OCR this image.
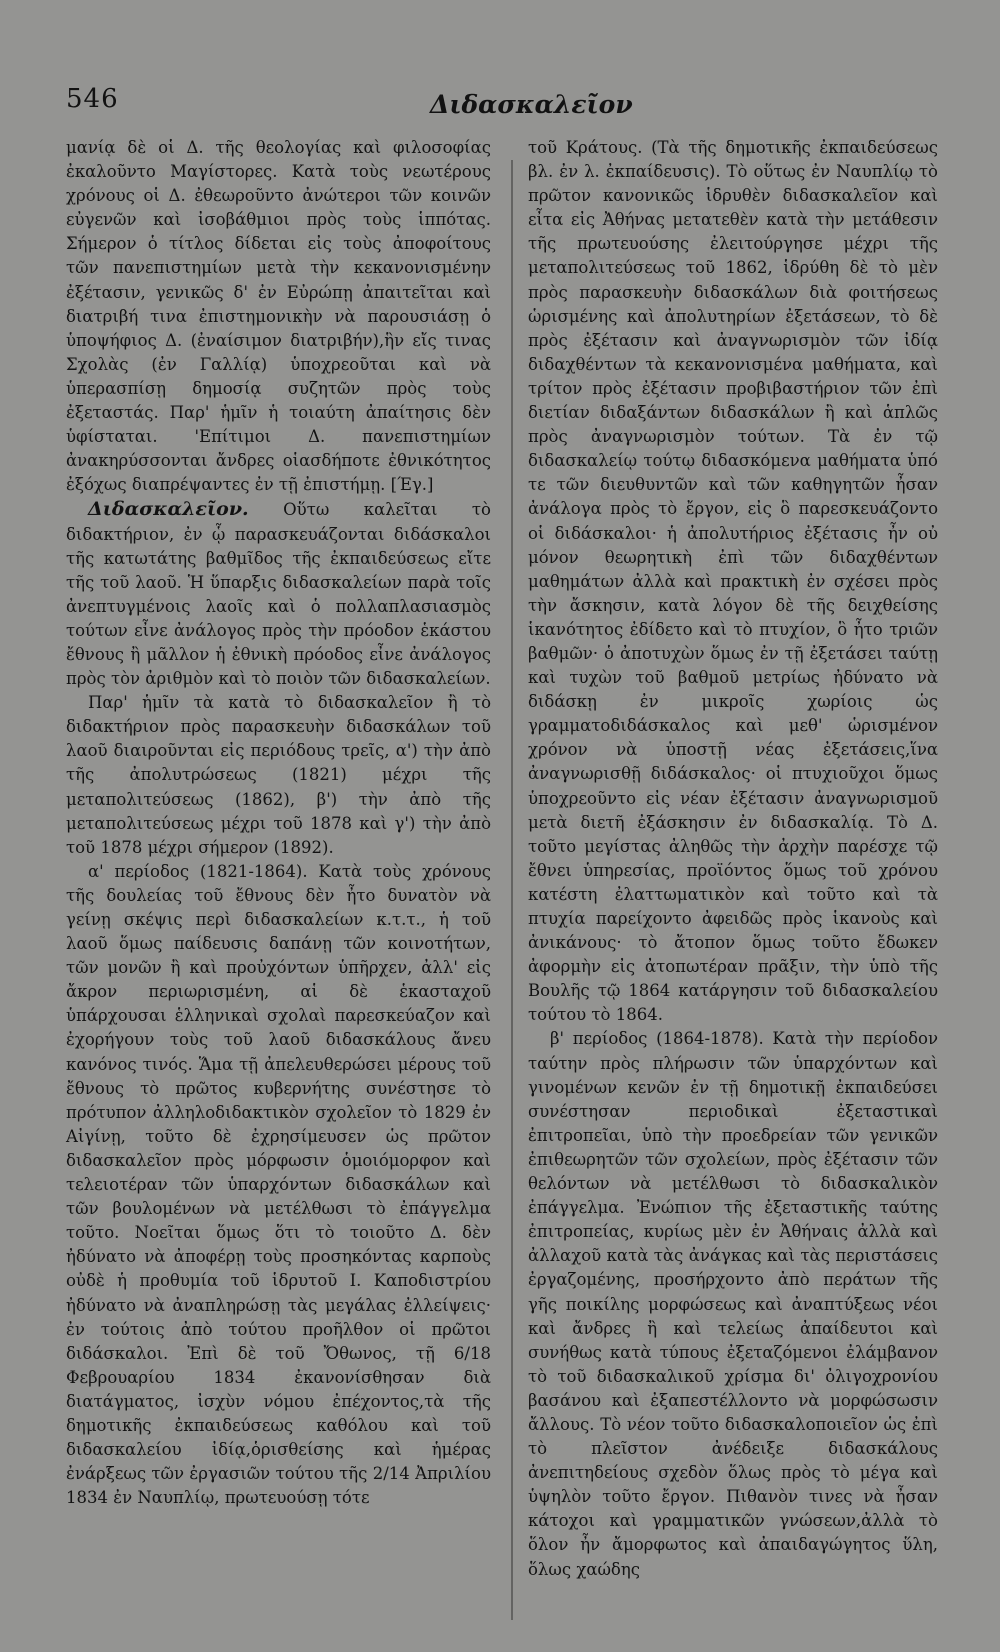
546	Διδασκαλεῖον

μανίᾳ δὲ οἱ Δ. τῆς θεολογίας καὶ φιλοσοφίας ἐκαλοῦντο Μαγίστορες. Κατὰ τοὺς νεωτέρους χρόνους οἱ Δ. ἐθεωροῦντο ἀνώτεροι τῶν κοινῶν εὐγενῶν καὶ ἰσοβάθμιοι πρὸς τοὺς ἱππότας. Σήμερον ὁ τίτλος δίδεται εἰς τοὺς ἀποφοίτους τῶν πανεπιστημίων μετὰ τὴν κεκανονισμένην ἐξέτασιν, γενικῶς δ' ἐν Εὐρώπῃ ἀπαιτεῖται καὶ διατριβή τινα ἐπιστημονικὴν νὰ παρουσιάσῃ ὁ ὑποψήφιος Δ. (ἐναίσιμον διατριβήν),ἣν εἴς τινας Σχολὰς (ἐν Γαλλίᾳ) ὑποχρεοῦται καὶ νὰ ὑπερασπίσῃ δημοσίᾳ συζητῶν πρὸς τοὺς ἐξεταστάς. Παρ' ἡμῖν ἡ τοιαύτη ἀπαίτησις δὲν ὑφίσταται. 'Επίτιμοι Δ. πανεπιστημίων ἀνακηρύσσονται ἄνδρες οἱασδήποτε ἐθνικότητος ἐξόχως διαπρέψαντες ἐν τῇ ἐπιστήμῃ. [Έγ.]

Διδασκαλεῖον. Οὕτω καλεῖται τὸ διδακτήριον, ἐν ᾧ παρασκευάζονται διδάσκαλοι τῆς κατωτάτης βαθμῖδος τῆς ἐκπαιδεύσεως εἴτε τῆς τοῦ λαοῦ. Ἡ ὕπαρξις διδασκαλείων παρὰ τοῖς ἀνεπτυγμένοις λαοῖς καὶ ὁ πολλαπλασιασμὸς τούτων εἶνε ἀνάλογος πρὸς τὴν πρόοδον ἑκάστου ἔθνους ἢ μᾶλλον ἡ ἐθνικὴ πρόοδος εἶνε ἀνάλογος πρὸς τὸν ἀριθμὸν καὶ τὸ ποιὸν τῶν διδασκαλείων.

Παρ' ἡμῖν τὰ κατὰ τὸ διδασκαλεῖον ἢ τὸ διδακτήριον πρὸς παρασκευὴν διδασκάλων τοῦ λαοῦ διαιροῦνται εἰς περιόδους τρεῖς, α') τὴν ἀπὸ τῆς ἀπολυτρώσεως (1821) μέχρι τῆς μεταπολιτεύσεως (1862), β') τὴν ἀπὸ τῆς μεταπολιτεύσεως μέχρι τοῦ 1878 καὶ γ') τὴν ἀπὸ τοῦ 1878 μέχρι σήμερον (1892).

α' περίοδος (1821-1864). Κατὰ τοὺς χρόνους τῆς δουλείας τοῦ ἔθνους δὲν ἦτο δυνατὸν νὰ γείνῃ σκέψις περὶ διδασκαλείων κ.τ.τ., ἡ τοῦ λαοῦ ὅμως παίδευσις δαπάνῃ τῶν κοινοτήτων, τῶν μονῶν ἢ καὶ προὐχόντων ὑπῆρχεν, ἀλλ' εἰς ἄκρον περιωρισμένη, αἱ δὲ ἑκασταχοῦ ὑπάρχουσαι ἑλληνικαὶ σχολαὶ παρεσκεύαζον καὶ ἐχορήγουν τοὺς τοῦ λαοῦ διδασκάλους ἄνευ κανόνος τινός. Ἅμα τῇ ἀπελευθερώσει μέρους τοῦ ἔθνους τὸ πρῶτος κυβερνήτης συνέστησε τὸ πρότυπον ἀλληλοδιδακτικὸν σχολεῖον τὸ 1829 ἐν Αἰγίνῃ, τοῦτο δὲ ἐχρησίμευσεν ὡς πρῶτον διδασκαλεῖον πρὸς μόρφωσιν ὁμοιόμορφον καὶ τελειοτέραν τῶν ὑπαρχόντων διδασκάλων καὶ τῶν βουλομένων νὰ μετέλθωσι τὸ ἐπάγγελμα τοῦτο. Νοεῖται ὅμως ὅτι τὸ τοιοῦτο Δ. δὲν ἠδύνατο νὰ ἀποφέρῃ τοὺς προσηκόντας καρποὺς οὐδὲ ἡ προθυμία τοῦ ἱδρυτοῦ Ι. Καποδιστρίου ἠδύνατο νὰ ἀναπληρώσῃ τὰς μεγάλας ἐλλείψεις· ἐν τούτοις ἀπὸ τούτου προῆλθον οἱ πρῶτοι διδάσκαλοι. Ἐπὶ δὲ τοῦ Ὄθωνος, τῇ 6/18 Φεβρουαρίου 1834 ἐκανονίσθησαν διὰ διατάγματος, ἰσχὺν νόμου ἐπέχοντος,τὰ τῆς δημοτικῆς ἐκπαιδεύσεως καθόλου καὶ τοῦ διδασκαλείου ἰδίᾳ,ὁρισθείσης καὶ ἡμέρας ἐνάρξεως τῶν ἐργασιῶν τούτου τῆς 2/14 Ἀπριλίου 1834 ἐν Ναυπλίῳ, πρωτευούσῃ τότε

τοῦ Κράτους. (Τὰ τῆς δημοτικῆς ἐκπαιδεύσεως βλ. ἐν λ. ἐκπαίδευσις). Τὸ οὕτως ἐν Ναυπλίῳ τὸ πρῶτον κανονικῶς ἱδρυθὲν διδασκαλεῖον καὶ εἶτα εἰς Ἀθήνας μετατεθὲν κατὰ τὴν μετάθεσιν τῆς πρωτευούσης ἐλειτούργησε μέχρι τῆς μεταπολιτεύσεως τοῦ 1862, ἱδρύθη δὲ τὸ μὲν πρὸς παρασκευὴν διδασκάλων διὰ φοιτήσεως ὡρισμένης καὶ ἀπολυτηρίων ἐξετάσεων, τὸ δὲ πρὸς ἐξέτασιν καὶ ἀναγνωρισμὸν τῶν ἰδίᾳ διδαχθέντων τὰ κεκανονισμένα μαθήματα, καὶ τρίτον πρὸς ἐξέτασιν προβιβαστήριον τῶν ἐπὶ διετίαν διδαξάντων διδασκάλων ἢ καὶ ἁπλῶς πρὸς ἀναγνωρισμὸν τούτων. Τὰ ἐν τῷ διδασκαλείῳ τούτῳ διδασκόμενα μαθήματα ὑπό τε τῶν διευθυντῶν καὶ τῶν καθηγητῶν ἦσαν ἀνάλογα πρὸς τὸ ἔργον, εἰς ὃ παρεσκευάζοντο οἱ διδάσκαλοι· ἡ ἀπολυτήριος ἐξέτασις ἦν οὐ μόνον θεωρητικὴ ἐπὶ τῶν διδαχθέντων μαθημάτων ἀλλὰ καὶ πρακτικὴ ἐν σχέσει πρὸς τὴν ἄσκησιν, κατὰ λόγον δὲ τῆς δειχθείσης ἱκανότητος ἐδίδετο καὶ τὸ πτυχίον, ὃ ἦτο τριῶν βαθμῶν· ὁ ἀποτυχὼν ὅμως ἐν τῇ ἐξετάσει ταύτῃ καὶ τυχὼν τοῦ βαθμοῦ μετρίως ἠδύνατο νὰ διδάσκῃ ἐν μικροῖς χωρίοις ὡς γραμματοδιδάσκαλος καὶ μεθ' ὡρισμένον χρόνον νὰ ὑποστῇ νέας ἐξετάσεις,ἵνα ἀναγνωρισθῇ διδάσκαλος· οἱ πτυχιοῦχοι ὅμως ὑποχρεοῦντο εἰς νέαν ἐξέτασιν ἀναγνωρισμοῦ μετὰ διετῆ ἐξάσκησιν ἐν διδασκαλίᾳ. Τὸ Δ. τοῦτο μεγίστας ἀληθῶς τὴν ἀρχὴν παρέσχε τῷ ἔθνει ὑπηρεσίας, προϊόντος ὅμως τοῦ χρόνου κατέστη ἐλαττωματικὸν καὶ τοῦτο καὶ τὰ πτυχία παρείχοντο ἀφειδῶς πρὸς ἱκανοὺς καὶ ἀνικάνους· τὸ ἄτοπον ὅμως τοῦτο ἔδωκεν ἀφορμὴν εἰς ἀτοπωτέραν πρᾶξιν, τὴν ὑπὸ τῆς Βουλῆς τῷ 1864 κατάργησιν τοῦ διδασκαλείου τούτου τὸ 1864.

β' περίοδος (1864-1878). Κατὰ τὴν περίοδον ταύτην πρὸς πλήρωσιν τῶν ὑπαρχόντων καὶ γινομένων κενῶν ἐν τῇ δημοτικῇ ἐκπαιδεύσει συνέστησαν περιοδικαὶ ἐξεταστικαὶ ἐπιτροπεῖαι, ὑπὸ τὴν προεδρείαν τῶν γενικῶν ἐπιθεωρητῶν τῶν σχολείων, πρὸς ἐξέτασιν τῶν θελόντων νὰ μετέλθωσι τὸ διδασκαλικὸν ἐπάγγελμα. Ἐνώπιον τῆς ἐξεταστικῆς ταύτης ἐπιτροπείας, κυρίως μὲν ἐν Ἀθήναις ἀλλὰ καὶ ἀλλαχοῦ κατὰ τὰς ἀνάγκας καὶ τὰς περιστάσεις ἐργαζομένης, προσήρχοντο ἀπὸ περάτων τῆς γῆς ποικίλης μορφώσεως καὶ ἀναπτύξεως νέοι καὶ ἄνδρες ἢ καὶ τελείως ἀπαίδευτοι καὶ συνήθως κατὰ τύπους ἐξεταζόμενοι ἐλάμβανον τὸ τοῦ διδασκαλικοῦ χρίσμα δι' ὀλιγοχρονίου βασάνου καὶ ἐξαπεστέλλοντο νὰ μορφώσωσιν ἄλλους. Τὸ νέον τοῦτο διδασκαλοποιεῖον ὡς ἐπὶ τὸ πλεῖστον ἀνέδειξε διδασκάλους ἀνεπιτηδείους σχεδὸν ὅλως πρὸς τὸ μέγα καὶ ὑψηλὸν τοῦτο ἔργον. Πιθανὸν τινες νὰ ἦσαν κάτοχοι καὶ γραμματικῶν γνώσεων,ἀλλὰ τὸ ὅλον ἦν ἄμορφωτος καὶ ἀπαιδαγώγητος ὕλη, ὅλως χαώδης
